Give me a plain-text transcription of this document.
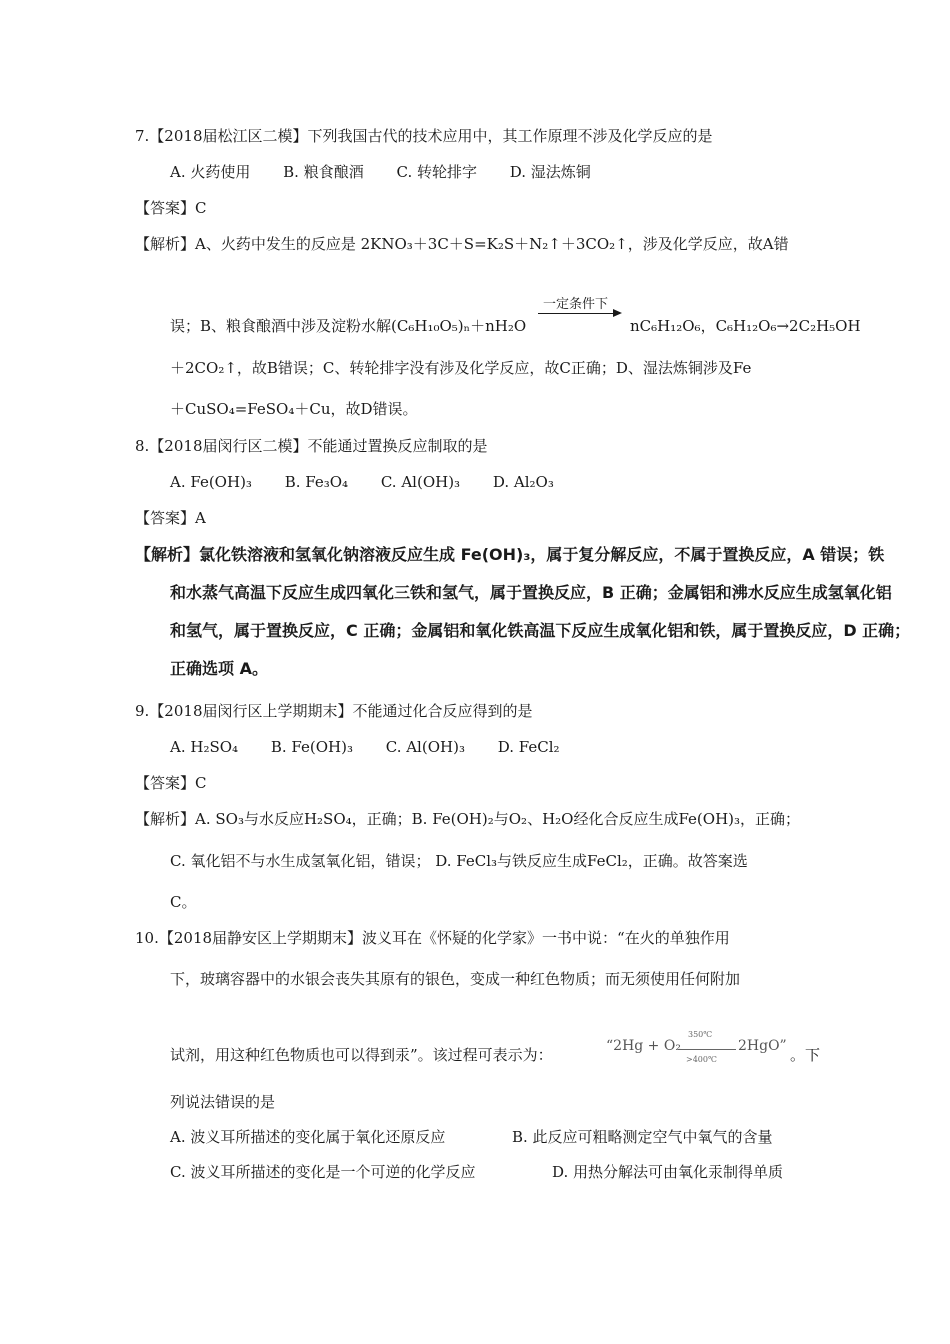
7.【2018届松江区二模】下列我国古代的技术应用中，其工作原理不涉及化学反应的是
A. 火药使用 B. 粮食酿酒 C. 转轮排字 D. 湿法炼铜
【答案】C
【解析】A、火药中发生的反应是 2KNO₃＋3C＋S=K₂S＋N₂↑＋3CO₂↑，涉及化学反应，故A错
一定条件下
误；B、粮食酿酒中涉及淀粉水解(C₆H₁₀O₅)ₙ＋nH₂O	nC₆H₁₂O₆，C₆H₁₂O₆→2C₂H₅OH
＋2CO₂↑，故B错误；C、转轮排字没有涉及化学反应，故C正确；D、湿法炼铜涉及Fe
＋CuSO₄=FeSO₄＋Cu，故D错误。
8.【2018届闵行区二模】不能通过置换反应制取的是
A. Fe(OH)₃ B. Fe₃O₄ C. Al(OH)₃ D. Al₂O₃
【答案】A
【解析】氯化铁溶液和氢氧化钠溶液反应生成 Fe(OH)₃，属于复分解反应，不属于置换反应，A 错误；铁
和水蒸气高温下反应生成四氧化三铁和氢气，属于置换反应，B 正确；金属铝和沸水反应生成氢氧化铝
和氢气，属于置换反应，C 正确；金属铝和氧化铁高温下反应生成氧化铝和铁，属于置换反应，D 正确；
正确选项 A。
9.【2018届闵行区上学期期末】不能通过化合反应得到的是
A. H₂SO₄ B. Fe(OH)₃ C. Al(OH)₃ D. FeCl₂
【答案】C
【解析】A. SO₃与水反应H₂SO₄，正确；B. Fe(OH)₂与O₂、H₂O经化合反应生成Fe(OH)₃，正确；
C. 氧化铝不与水生成氢氧化铝，错误； D. FeCl₃与铁反应生成FeCl₂，正确。故答案选
C。
10.【2018届静安区上学期期末】波义耳在《怀疑的化学家》一书中说：“在火的单独作用
下，玻璃容器中的水银会丧失其原有的银色，变成一种红色物质；而无须使用任何附加
试剂，用这种红色物质也可以得到汞”。该过程可表示为：	“2Hg + O₂
350℃
>400℃
2HgO” 。下
列说法错误的是
A. 波义耳所描述的变化属于氧化还原反应	B. 此反应可粗略测定空气中氧气的含量
C. 波义耳所描述的变化是一个可逆的化学反应	D. 用热分解法可由氧化汞制得单质
